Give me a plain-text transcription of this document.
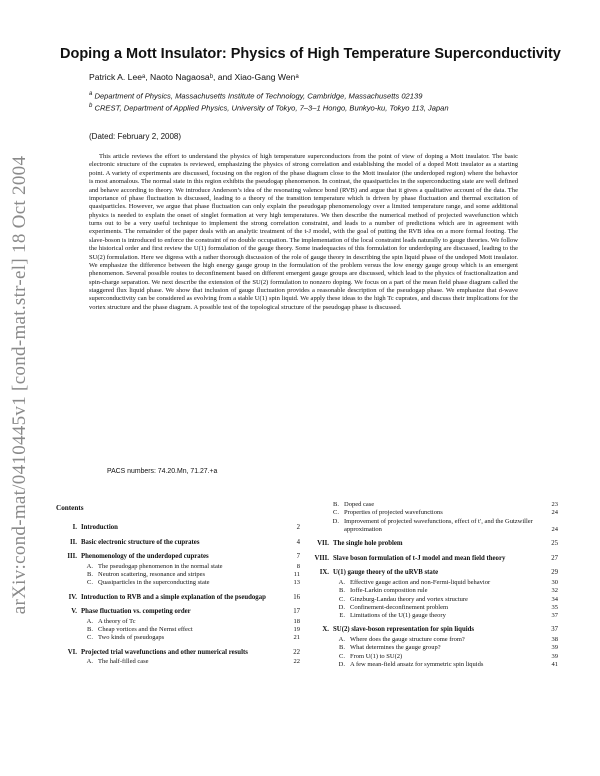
arXiv:cond-mat/0410445v1 [cond-mat.str-el] 18 Oct 2004
Doping a Mott Insulator: Physics of High Temperature Superconductivity
Patrick A. Leeᵃ, Naoto Nagaosaᵇ, and Xiao-Gang Wenᵃ
$^a$ Department of Physics, Massachusetts Institute of Technology, Cambridge, Massachusetts 02139
$^b$ CREST, Department of Applied Physics, University of Tokyo, 7–3–1 Hongo, Bunkyo-ku, Tokyo 113, Japan
(Dated: February 2, 2008)

This article reviews the effort to understand the physics of high temperature superconductors from the point of view of doping a Mott insulator. The basic electronic structure of the cuprates is reviewed, emphasizing the physics of strong correlation and establishing the model of a doped Mott insulator as a starting point. A variety of experiments are discussed, focusing on the region of the phase diagram close to the Mott insulator (the underdoped region) where the behavior is most anomalous. The normal state in this region exhibits the pseudogap phenomenon. In contrast, the quasiparticles in the superconducting state are well defined and behave according to theory. We introduce Anderson’s idea of the resonating valence bond (RVB) and argue that it gives a qualitative account of the data. The importance of phase fluctuation is discussed, leading to a theory of the transition temperature which is driven by phase fluctuation and thermal excitation of quasiparticles. However, we argue that phase fluctuation can only explain the pseudogap phenomenology over a limited temperature range, and some additional physics is needed to explain the onset of singlet formation at very high temperatures. We then describe the numerical method of projected wavefunction which turns out to be a very useful technique to implement the strong correlation constraint, and leads to a number of predictions which are in agreement with experiments. The remainder of the paper deals with an analytic treatment of the t-J model, with the goal of putting the RVB idea on a more formal footing. The slave-boson is introduced to enforce the constraint of no double occupation. The implementation of the local constraint leads naturally to gauge theories. We follow the historical order and first review the U(1) formulation of the gauge theory. Some inadequacies of this formulation for underdoping are discussed, leading to the SU(2) formulation. Here we digress with a rather thorough discussion of the role of gauge theory in describing the spin liquid phase of the undoped Mott insulator. We emphasize the difference between the high energy gauge group in the formulation of the problem versus the low energy gauge group which is an emergent phenomenon. Several possible routes to deconfinement based on different emergent gauge groups are discussed, which lead to the physics of fractionalization and spin-charge separation. We next describe the extension of the SU(2) formulation to nonzero doping. We focus on a part of the mean field phase diagram called the staggered flux liquid phase. We show that inclusion of gauge fluctuation provides a reasonable description of the pseudogap phase. We emphasize that d-wave superconductivity can be considered as evolving from a stable U(1) spin liquid. We apply these ideas to the high Tc cuprates, and discuss their implications for the vortex structure and the phase diagram. A possible test of the topological structure of the pseudogap phase is discussed.

PACS numbers: 74.20.Mn, 71.27.+a
Contents
I. Introduction	2
II. Basic electronic structure of the cuprates	4
III. Phenomenology of the underdoped cuprates	7
A. The pseudogap phenomenon in the normal state	8
B. Neutron scattering, resonance and stripes	11
C. Quasiparticles in the superconducting state	13
IV. Introduction to RVB and a simple explanation of the pseudogap	16
V. Phase fluctuation vs. competing order	17
A. A theory of Tc	18
B. Cheap vortices and the Nernst effect	19
C. Two kinds of pseudogaps	21
VI. Projected trial wavefunctions and other numerical results	22
A. The half-filled case	22
B. Doped case	23
C. Properties of projected wavefunctions	24
D. Improvement of projected wavefunctions, effect of t′, and the Gutzwiller approximation	24
VII. The single hole problem	25
VIII. Slave boson formulation of t-J model and mean field theory	27
IX. U(1) gauge theory of the uRVB state	29
A. Effective gauge action and non-Fermi-liquid behavior	30
B. Ioffe-Larkin composition rule	32
C. Ginzburg-Landau theory and vortex structure	34
D. Confinement-deconfinement problem	35
E. Limitations of the U(1) gauge theory	37
X. SU(2) slave-boson representation for spin liquids	37
A. Where does the gauge structure come from?	38
B. What determines the gauge group?	39
C. From U(1) to SU(2)	39
D. A few mean-field ansatz for symmetric spin liquids	41
